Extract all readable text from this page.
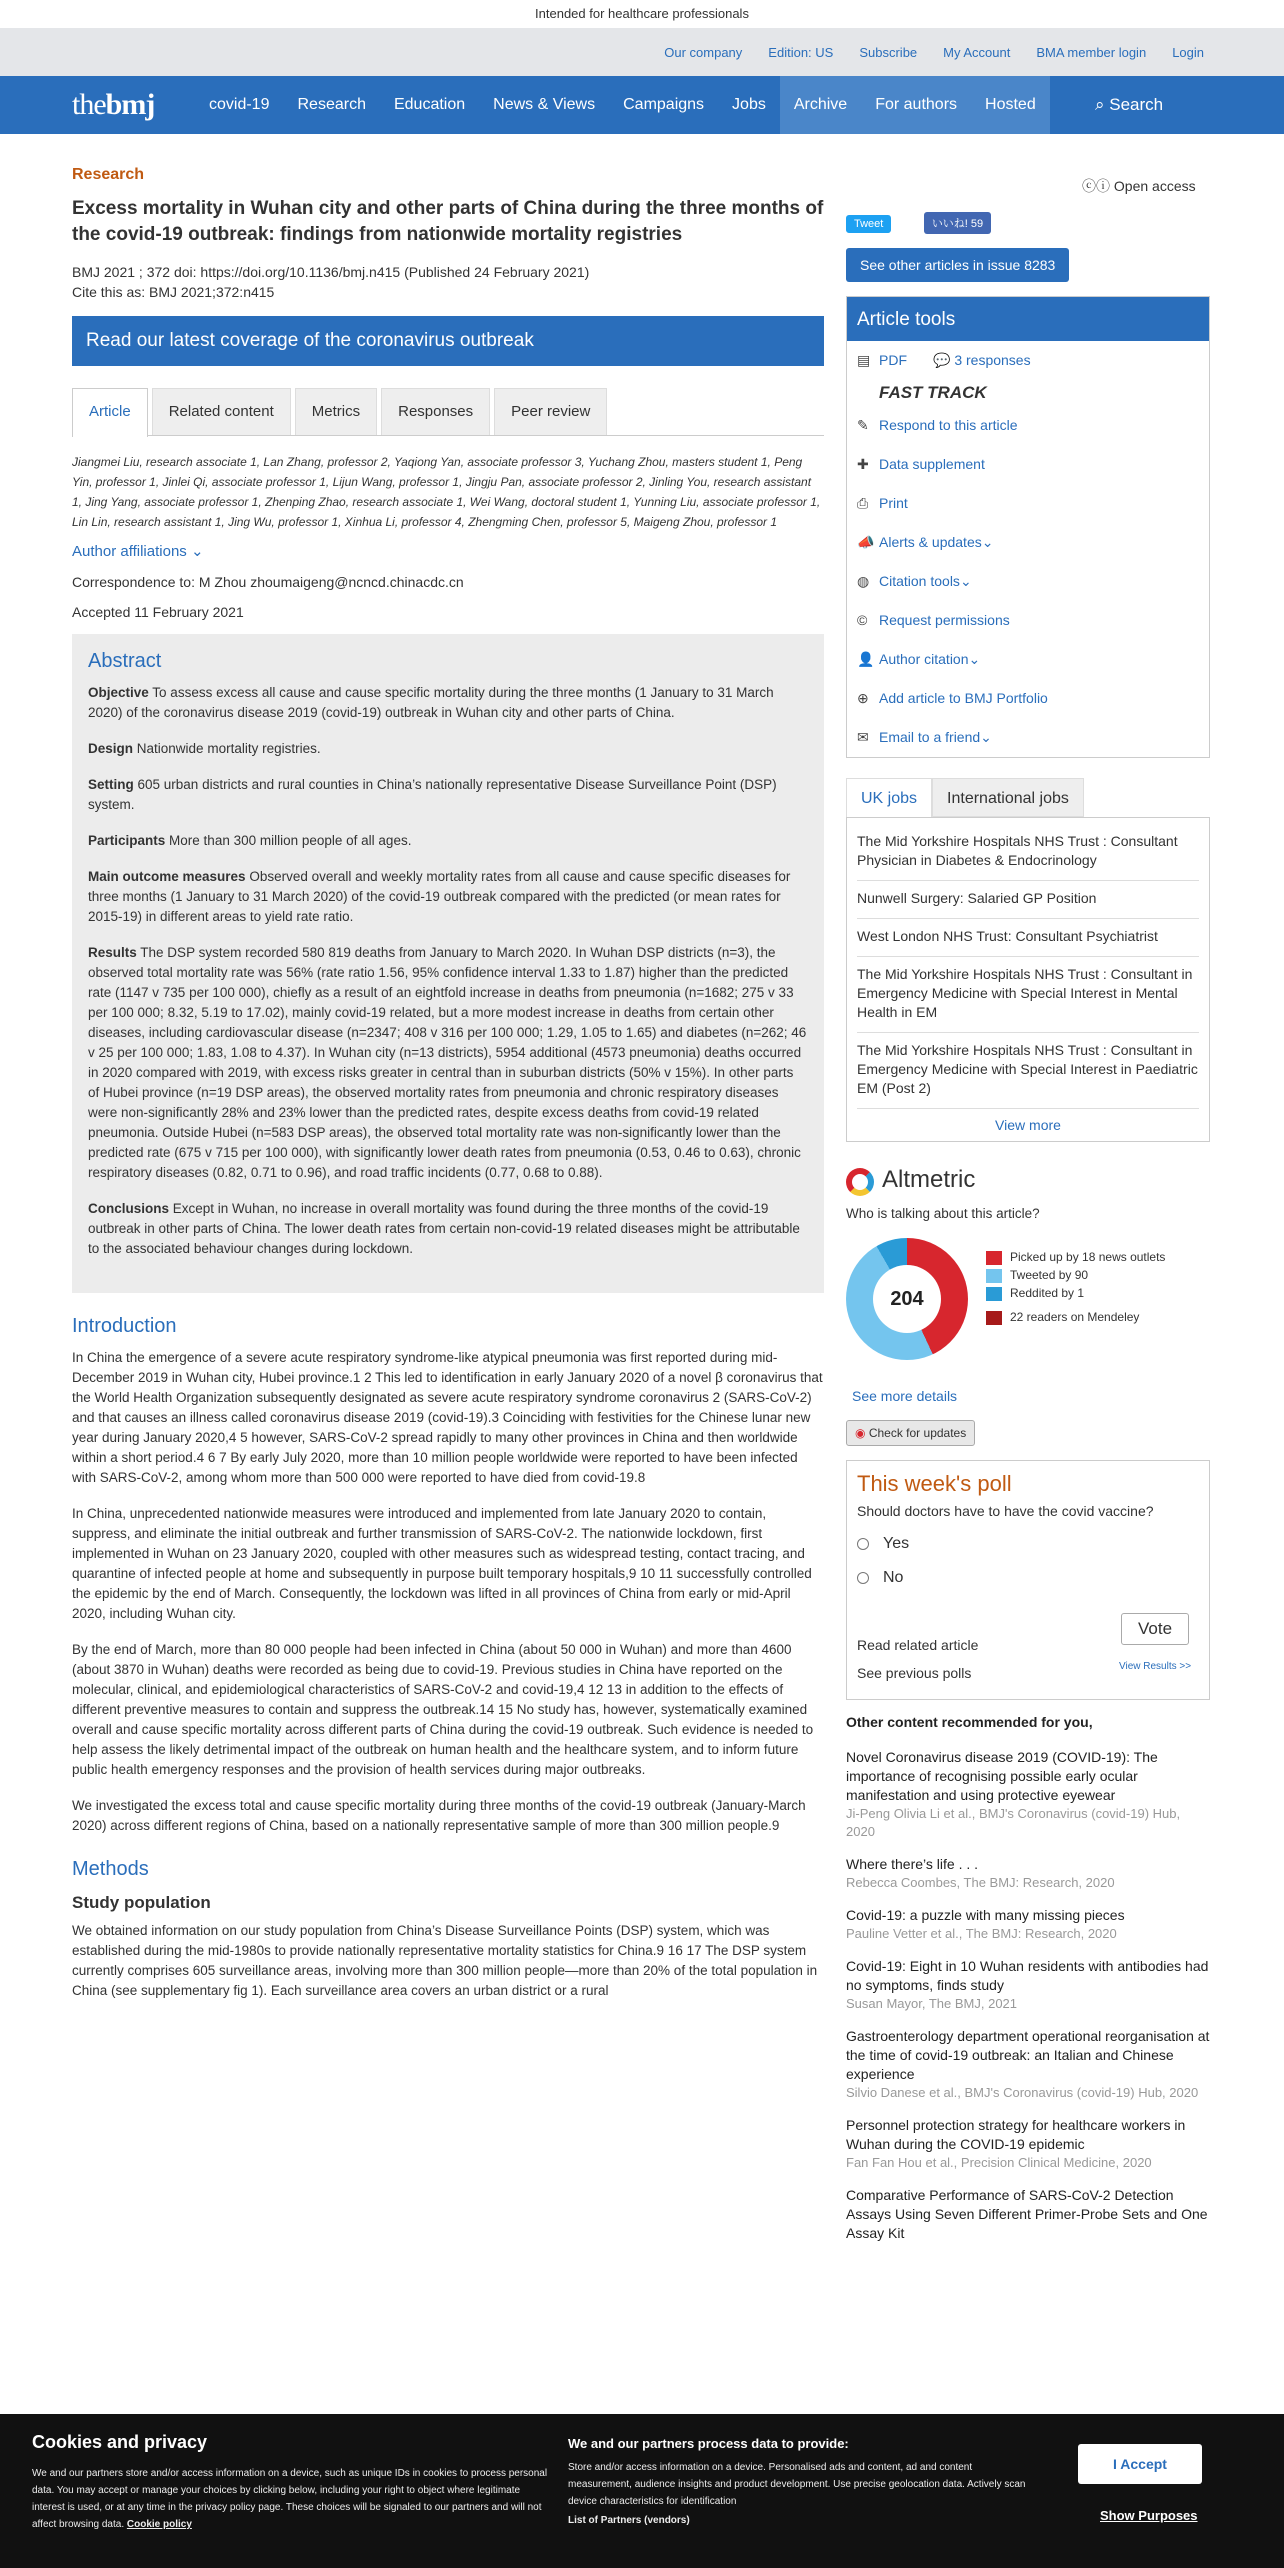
Intended for healthcare professionals
Our company Edition: US Subscribe My Account BMA member login Login
thebmj	covid-19	Research	Education	News & Views	Campaigns	Jobs	Archive	For authors	Hosted	⌕ Search
ⓒⓘ Open access
Research
Excess mortality in Wuhan city and other parts of China during the three months of the covid-19 outbreak: findings from nationwide mortality registries
BMJ 2021 ; 372 doi: https://doi.org/10.1136/bmj.n415 (Published 24 February 2021)
Cite this as: BMJ 2021;372:n415
Read our latest coverage of the coronavirus outbreak
Article	Related content	Metrics	Responses	Peer review
Jiangmei Liu, research associate 1, Lan Zhang, professor 2, Yaqiong Yan, associate professor 3, Yuchang Zhou, masters student 1, Peng Yin, professor 1, Jinlei Qi, associate professor 1, Lijun Wang, professor 1, Jingju Pan, associate professor 2, Jinling You, research assistant 1, Jing Yang, associate professor 1, Zhenping Zhao, research associate 1, Wei Wang, doctoral student 1, Yunning Liu, associate professor 1, Lin Lin, research assistant 1, Jing Wu, professor 1, Xinhua Li, professor 4, Zhengming Chen, professor 5, Maigeng Zhou, professor 1
Author affiliations ⌄
Correspondence to: M Zhou zhoumaigeng@ncncd.chinacdc.cn
Accepted 11 February 2021
Abstract

Objective To assess excess all cause and cause specific mortality during the three months (1 January to 31 March 2020) of the coronavirus disease 2019 (covid-19) outbreak in Wuhan city and other parts of China.

Design Nationwide mortality registries.

Setting 605 urban districts and rural counties in China’s nationally representative Disease Surveillance Point (DSP) system.

Participants More than 300 million people of all ages.

Main outcome measures Observed overall and weekly mortality rates from all cause and cause specific diseases for three months (1 January to 31 March 2020) of the covid-19 outbreak compared with the predicted (or mean rates for 2015-19) in different areas to yield rate ratio.

Results The DSP system recorded 580 819 deaths from January to March 2020. In Wuhan DSP districts (n=3), the observed total mortality rate was 56% (rate ratio 1.56, 95% confidence interval 1.33 to 1.87) higher than the predicted rate (1147 v 735 per 100 000), chiefly as a result of an eightfold increase in deaths from pneumonia (n=1682; 275 v 33 per 100 000; 8.32, 5.19 to 17.02), mainly covid-19 related, but a more modest increase in deaths from certain other diseases, including cardiovascular disease (n=2347; 408 v 316 per 100 000; 1.29, 1.05 to 1.65) and diabetes (n=262; 46 v 25 per 100 000; 1.83, 1.08 to 4.37). In Wuhan city (n=13 districts), 5954 additional (4573 pneumonia) deaths occurred in 2020 compared with 2019, with excess risks greater in central than in suburban districts (50% v 15%). In other parts of Hubei province (n=19 DSP areas), the observed mortality rates from pneumonia and chronic respiratory diseases were non-significantly 28% and 23% lower than the predicted rates, despite excess deaths from covid-19 related pneumonia. Outside Hubei (n=583 DSP areas), the observed total mortality rate was non-significantly lower than the predicted rate (675 v 715 per 100 000), with significantly lower death rates from pneumonia (0.53, 0.46 to 0.63), chronic respiratory diseases (0.82, 0.71 to 0.96), and road traffic incidents (0.77, 0.68 to 0.88).

Conclusions Except in Wuhan, no increase in overall mortality was found during the three months of the covid-19 outbreak in other parts of China. The lower death rates from certain non-covid-19 related diseases might be attributable to the associated behaviour changes during lockdown.

Introduction

In China the emergence of a severe acute respiratory syndrome-like atypical pneumonia was first reported during mid-December 2019 in Wuhan city, Hubei province.1 2 This led to identification in early January 2020 of a novel β coronavirus that the World Health Organization subsequently designated as severe acute respiratory syndrome coronavirus 2 (SARS-CoV-2) and that causes an illness called coronavirus disease 2019 (covid-19).3 Coinciding with festivities for the Chinese lunar new year during January 2020,4 5 however, SARS-CoV-2 spread rapidly to many other provinces in China and then worldwide within a short period.4 6 7 By early July 2020, more than 10 million people worldwide were reported to have been infected with SARS-CoV-2, among whom more than 500 000 were reported to have died from covid-19.8

In China, unprecedented nationwide measures were introduced and implemented from late January 2020 to contain, suppress, and eliminate the initial outbreak and further transmission of SARS-CoV-2. The nationwide lockdown, first implemented in Wuhan on 23 January 2020, coupled with other measures such as widespread testing, contact tracing, and quarantine of infected people at home and subsequently in purpose built temporary hospitals,9 10 11 successfully controlled the epidemic by the end of March. Consequently, the lockdown was lifted in all provinces of China from early or mid-April 2020, including Wuhan city.

By the end of March, more than 80 000 people had been infected in China (about 50 000 in Wuhan) and more than 4600 (about 3870 in Wuhan) deaths were recorded as being due to covid-19. Previous studies in China have reported on the molecular, clinical, and epidemiological characteristics of SARS-CoV-2 and covid-19,4 12 13 in addition to the effects of different preventive measures to contain and suppress the outbreak.14 15 No study has, however, systematically examined overall and cause specific mortality across different parts of China during the covid-19 outbreak. Such evidence is needed to help assess the likely detrimental impact of the outbreak on human health and the healthcare system, and to inform future public health emergency responses and the provision of health services during major outbreaks.

We investigated the excess total and cause specific mortality during three months of the covid-19 outbreak (January-March 2020) across different regions of China, based on a nationally representative sample of more than 300 million people.9

Methods
Study population

We obtained information on our study population from China’s Disease Surveillance Points (DSP) system, which was established during the mid-1980s to provide nationally representative mortality statistics for China.9 16 17 The DSP system currently comprises 605 surveillance areas, involving more than 300 million people—more than 20% of the total population in China (see supplementary fig 1). Each surveillance area covers an urban district or a rural

Tweet	いいね! 59
See other articles in issue 8283
Article tools
▤ PDF 💬 3 responses
FAST TRACK
✎ Respond to this article
✚ Data supplement
⎙ Print
📣 Alerts & updates ⌄
◍ Citation tools ⌄
© Request permissions
👤 Author citation ⌄
⊕ Add article to BMJ Portfolio
✉ Email to a friend ⌄
UK jobs	International jobs
The Mid Yorkshire Hospitals NHS Trust : Consultant Physician in Diabetes & Endocrinology
Nunwell Surgery: Salaried GP Position
West London NHS Trust: Consultant Psychiatrist
The Mid Yorkshire Hospitals NHS Trust : Consultant in Emergency Medicine with Special Interest in Mental Health in EM
The Mid Yorkshire Hospitals NHS Trust : Consultant in Emergency Medicine with Special Interest in Paediatric EM (Post 2)
View more
Altmetric
Who is talking about this article?
204
Picked up by 18 news outlets
Tweeted by 90
Reddited by 1
22 readers on Mendeley
See more details
◉ Check for updates
This week's poll
Should doctors have to have the covid vaccine?
Yes
No
Read related article
See previous polls
Vote
View Results >>
Other content recommended for you,
Novel Coronavirus disease 2019 (COVID-19): The importance of recognising possible early ocular manifestation and using protective eyewear
Ji-Peng Olivia Li et al., BMJ's Coronavirus (covid-19) Hub, 2020
Where there’s life . . .
Rebecca Coombes, The BMJ: Research, 2020
Covid-19: a puzzle with many missing pieces
Pauline Vetter et al., The BMJ: Research, 2020
Covid-19: Eight in 10 Wuhan residents with antibodies had no symptoms, finds study
Susan Mayor, The BMJ, 2021
Gastroenterology department operational reorganisation at the time of covid-19 outbreak: an Italian and Chinese experience
Silvio Danese et al., BMJ's Coronavirus (covid-19) Hub, 2020
Personnel protection strategy for healthcare workers in Wuhan during the COVID-19 epidemic
Fan Fan Hou et al., Precision Clinical Medicine, 2020
Comparative Performance of SARS-CoV-2 Detection Assays Using Seven Different Primer-Probe Sets and One Assay Kit
Cookies and privacy
We and our partners store and/or access information on a device, such as unique IDs in cookies to process personal data. You may accept or manage your choices by clicking below, including your right to object where legitimate interest is used, or at any time in the privacy policy page. These choices will be signaled to our partners and will not affect browsing data. Cookie policy
We and our partners process data to provide:
Store and/or access information on a device. Personalised ads and content, ad and content measurement, audience insights and product development. Use precise geolocation data. Actively scan device characteristics for identification
List of Partners (vendors)
I Accept
Show Purposes
